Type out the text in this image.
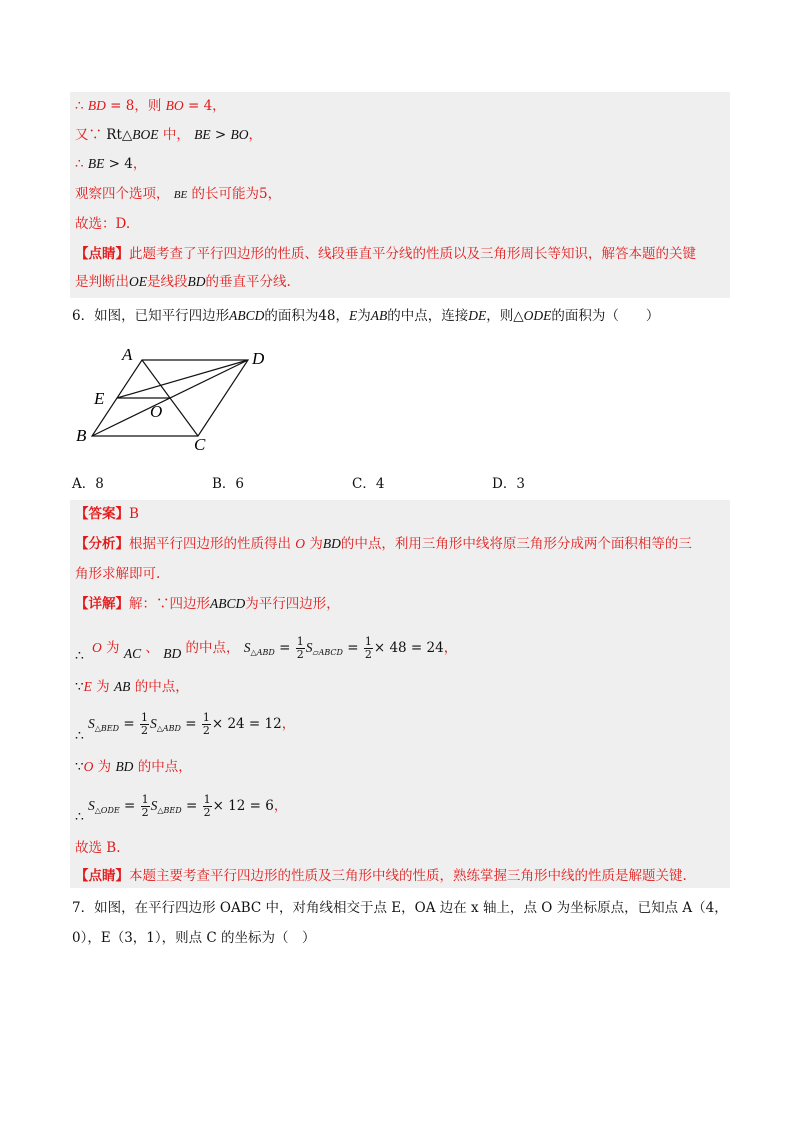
∴ BD = 8，则 BO = 4，
又∵ Rt△BOE 中， BE > BO，
∴ BE > 4，
观察四个选项， BE 的长可能为5，
故选：D.
【点睛】此题考查了平行四边形的性质、线段垂直平分线的性质以及三角形周长等知识，解答本题的关键
是判断出OE是线段BD的垂直平分线.
6．如图，已知平行四边形ABCD的面积为48，E为AB的中点，连接DE，则△ODE的面积为（　　）
A	D
E
O
B	C
A．8	B．6	C．4	D．3
【答案】B
【分析】根据平行四边形的性质得出 O 为BD的中点，利用三角形中线将原三角形分成两个面积相等的三
角形求解即可.
【详解】解：∵四边形ABCD为平行四边形，
∴
O 为 AC 、 BD 的中点， $S_{\triangle ABD} = \frac{1}{2} S_{▱ABCD} = \frac{1}{2} \times 48 = 24$，
∵E 为 AB 的中点，
∴
$S_{\triangle BED} = \frac{1}{2} S_{\triangle ABD} = \frac{1}{2} \times 24 = 12$，
∵O 为 BD 的中点，
∴
$S_{\triangle ODE} = \frac{1}{2} S_{\triangle BED} = \frac{1}{2} \times 12 = 6$，
故选 B.
【点睛】本题主要考查平行四边形的性质及三角形中线的性质，熟练掌握三角形中线的性质是解题关键.
7．如图，在平行四边形 OABC 中，对角线相交于点 E，OA 边在 x 轴上，点 O 为坐标原点，已知点 A（4，
0），E（3，1），则点 C 的坐标为（　）
